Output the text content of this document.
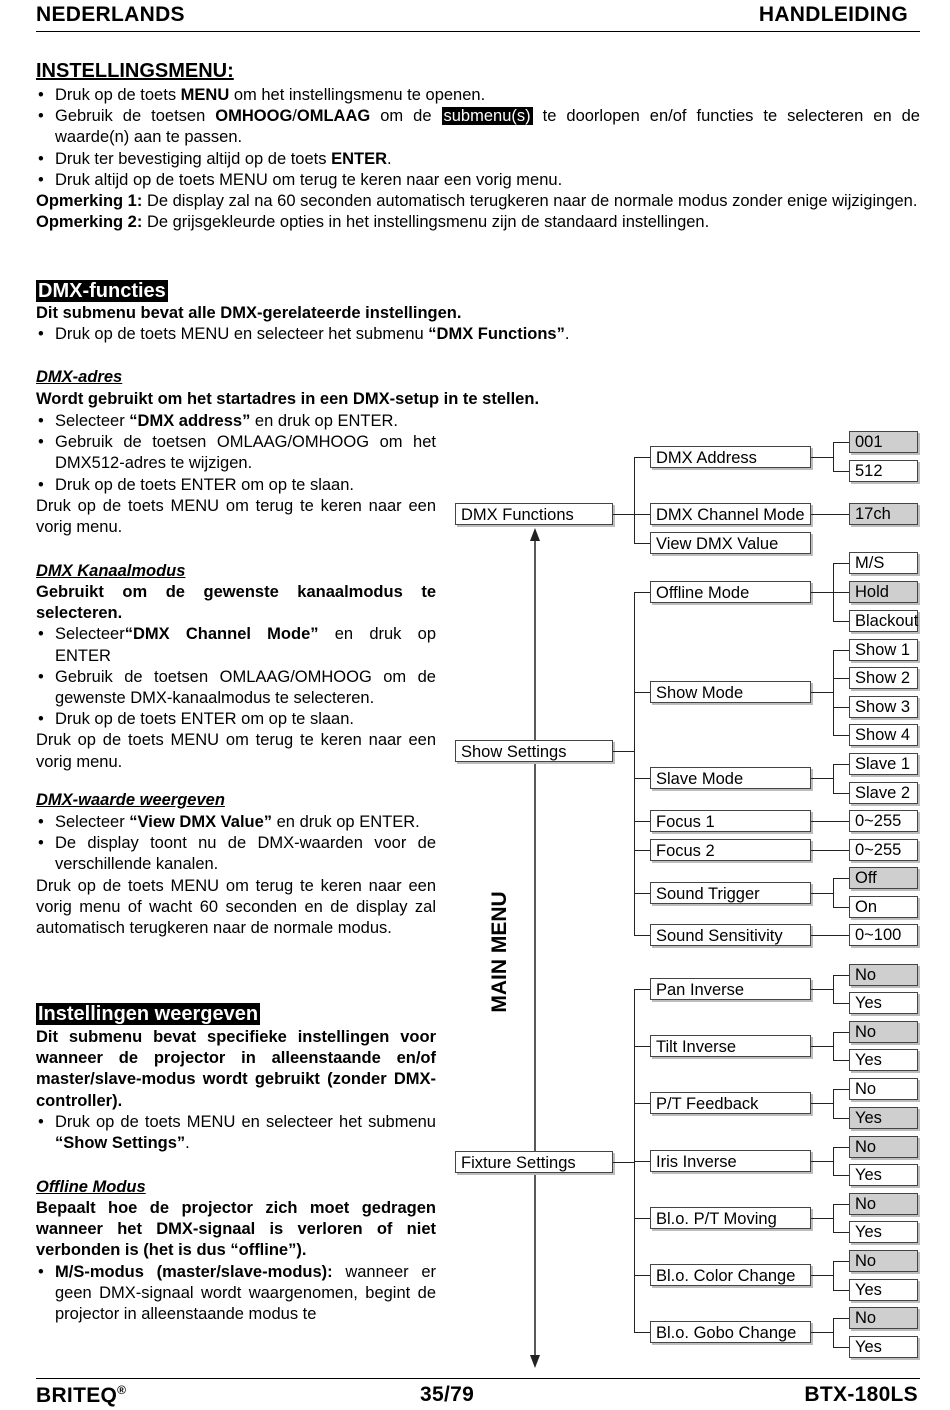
NEDERLANDS	HANDLEIDING
INSTELLINGSMENU:
• Druk op de toets MENU om het instellingsmenu te openen.
• Gebruik de toetsen OMHOOG/OMLAAG om de submenu(s) te doorlopen en/of functies te selecteren en de waarde(n) aan te passen.
• Druk ter bevestiging altijd op de toets ENTER.
• Druk altijd op de toets MENU om terug te keren naar een vorig menu.
Opmerking 1: De display zal na 60 seconden automatisch terugkeren naar de normale modus zonder enige wijzigingen.
Opmerking 2: De grijsgekleurde opties in het instellingsmenu zijn de standaard instellingen.
DMX-functies
Dit submenu bevat alle DMX-gerelateerde instellingen.
• Druk op de toets MENU en selecteer het submenu “DMX Functions”.
DMX-adres
Wordt gebruikt om het startadres in een DMX-setup in te stellen.
• Selecteer “DMX address” en druk op ENTER.
• Gebruik de toetsen OMLAAG/OMHOOG om het DMX512-adres te wijzigen.
• Druk op de toets ENTER om op te slaan.
Druk op de toets MENU om terug te keren naar een vorig menu.
DMX Kanaalmodus
Gebruikt om de gewenste kanaalmodus te selecteren.
• Selecteer“DMX Channel Mode” en druk op ENTER
• Gebruik de toetsen OMLAAG/OMHOOG om de gewenste DMX-kanaalmodus te selecteren.
• Druk op de toets ENTER om op te slaan.
Druk op de toets MENU om terug te keren naar een vorig menu.
DMX-waarde weergeven
• Selecteer “View DMX Value” en druk op ENTER.
• De display toont nu de DMX-waarden voor de verschillende kanalen.
Druk op de toets MENU om terug te keren naar een vorig menu of wacht 60 seconden en de display zal automatisch terugkeren naar de normale modus.
Instellingen weergeven
Dit submenu bevat specifieke instellingen voor wanneer de projector in alleenstaande en/of master/slave-modus wordt gebruikt (zonder DMX-controller).
• Druk op de toets MENU en selecteer het submenu “Show Settings”.
Offline Modus
Bepaalt hoe de projector zich moet gedragen wanneer het DMX-signaal is verloren of niet verbonden is (het is dus “offline”).
• M/S-modus (master/slave-modus): wanneer er geen DMX-signaal wordt waargenomen, begint de projector in alleenstaande modus te
MAIN MENU
DMX Functions
Show Settings
Fixture Settings
DMX Address
DMX Channel Mode
View DMX Value
Offline Mode
Show Mode
Slave Mode
Focus 1
Focus 2
Sound Trigger
Sound Sensitivity
Pan Inverse
Tilt Inverse
P/T Feedback
Iris Inverse
Bl.o. P/T Moving
Bl.o. Color Change
Bl.o. Gobo Change
001
512
17ch
M/S
Hold
Blackout
Show 1
Show 2
Show 3
Show 4
Slave 1
Slave 2
0~255
0~255
Off
On
0~100
No
Yes
No
Yes
No
Yes
No
Yes
No
Yes
No
Yes
No
Yes
BRITEQ®	35/79	BTX-180LS
